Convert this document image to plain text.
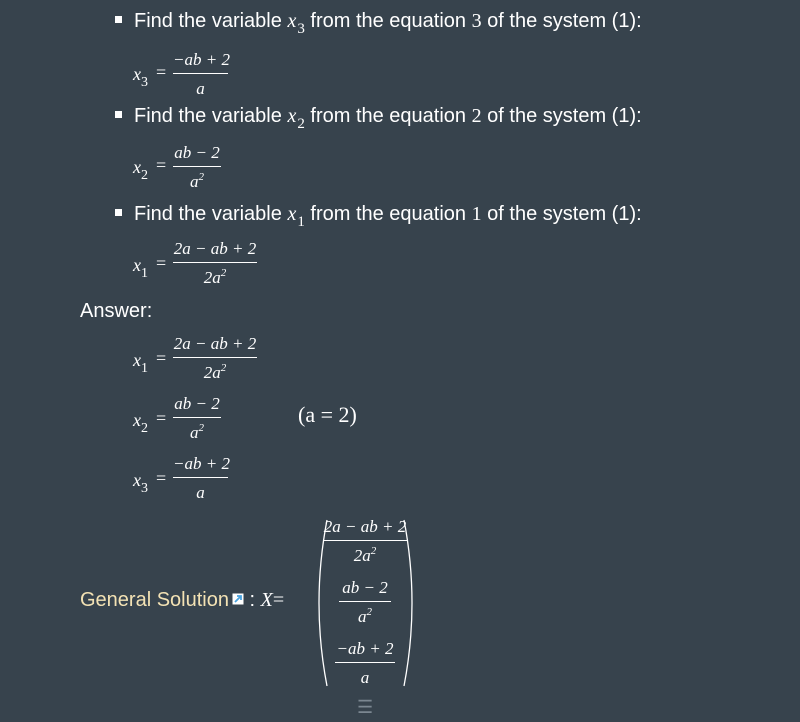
Find the variable $x_3$ from the equation 3 of the system (1):
$x_3$
=
−ab + 2
a
Find the variable $x_2$ from the equation 2 of the system (1):
$x_2$
=
ab − 2
$a^2$
Find the variable $x_1$ from the equation 1 of the system (1):
$x_1$
=
2a − ab + 2
$2a^2$
Answer:
$x_1$
=
2a − ab + 2
$2a^2$
$x_2$
=
ab − 2
$a^2$
(a = 2)
$x_3$
=
−ab + 2
a
General Solution : X=
2a − ab + 2
$2a^2$
ab − 2
$a^2$
−ab + 2
a
☰
